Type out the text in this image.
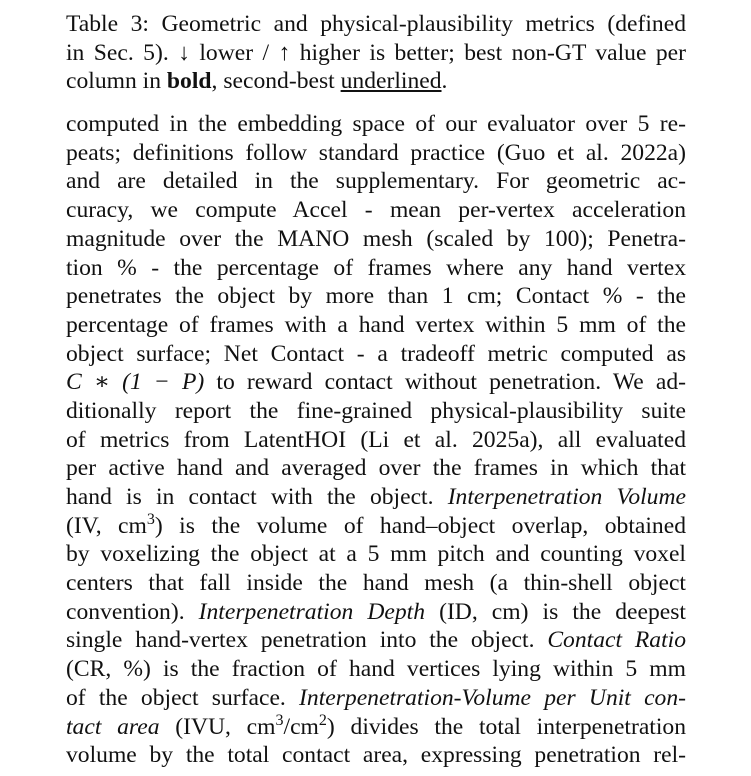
Table 3: Geometric and physical-plausibility metrics (defined
in Sec. 5). ↓ lower / ↑ higher is better; best non-GT value per
column in bold, second-best underlined.
computed in the embedding space of our evaluator over 5 re-
peats; definitions follow standard practice (Guo et al. 2022a)
and are detailed in the supplementary. For geometric ac-
curacy, we compute Accel - mean per-vertex acceleration
magnitude over the MANO mesh (scaled by 100); Penetra-
tion % - the percentage of frames where any hand vertex
penetrates the object by more than 1 cm; Contact % - the
percentage of frames with a hand vertex within 5 mm of the
object surface; Net Contact - a tradeoff metric computed as
C ∗ (1 − P) to reward contact without penetration. We ad-
ditionally report the fine-grained physical-plausibility suite
of metrics from LatentHOI (Li et al. 2025a), all evaluated
per active hand and averaged over the frames in which that
hand is in contact with the object. Interpenetration Volume
(IV, $cm^3$) is the volume of hand–object overlap, obtained
by voxelizing the object at a 5 mm pitch and counting voxel
centers that fall inside the hand mesh (a thin-shell object
convention). Interpenetration Depth (ID, cm) is the deepest
single hand-vertex penetration into the object. Contact Ratio
(CR, %) is the fraction of hand vertices lying within 5 mm
of the object surface. Interpenetration-Volume per Unit con-
tact area (IVU, $cm^3/cm^2$) divides the total interpenetration
volume by the total contact area, expressing penetration rel-
